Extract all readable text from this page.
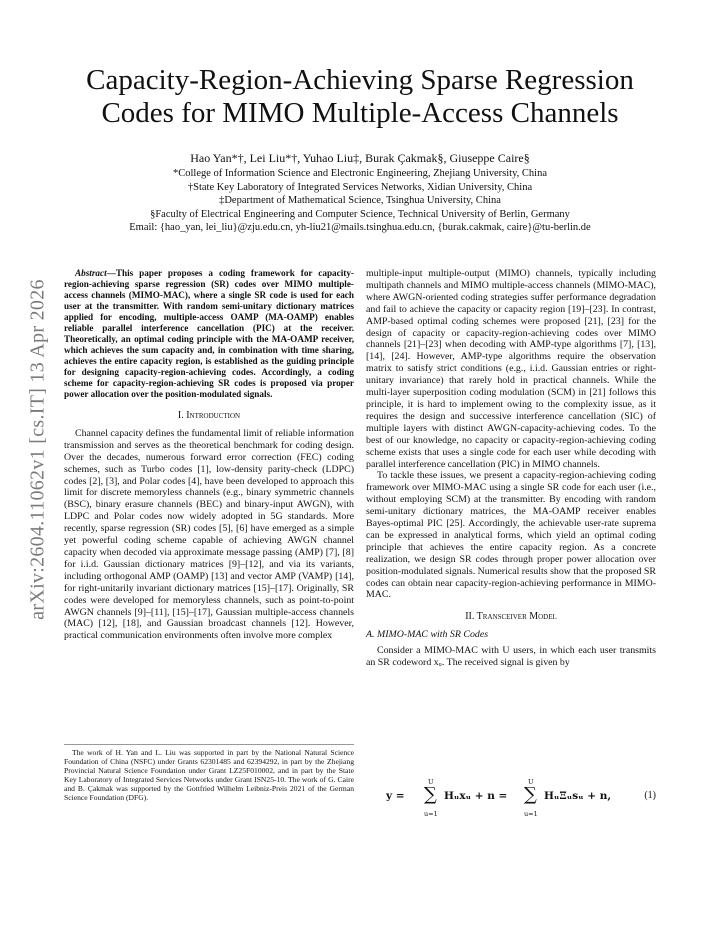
Capacity-Region-Achieving Sparse Regression
Codes for MIMO Multiple-Access Channels
Hao Yan*†, Lei Liu*†, Yuhao Liu‡, Burak Çakmak§, Giuseppe Caire§
*College of Information Science and Electronic Engineering, Zhejiang University, China
†State Key Laboratory of Integrated Services Networks, Xidian University, China
‡Department of Mathematical Science, Tsinghua University, China
§Faculty of Electrical Engineering and Computer Science, Technical University of Berlin, Germany
Email: {hao_yan, lei_liu}@zju.edu.cn, yh-liu21@mails.tsinghua.edu.cn, {burak.cakmak, caire}@tu-berlin.de
arXiv:2604.11062v1 [cs.IT] 13 Apr 2026

Abstract—This paper proposes a coding framework for capacity-region-achieving sparse regression (SR) codes over MIMO multiple-access channels (MIMO-MAC), where a single SR code is used for each user at the transmitter. With random semi-unitary dictionary matrices applied for encoding, multiple-access OAMP (MA-OAMP) enables reliable parallel interference cancellation (PIC) at the receiver. Theoretically, an optimal coding principle with the MA-OAMP receiver, which achieves the sum capacity and, in combination with time sharing, achieves the entire capacity region, is established as the guiding principle for designing capacity-region-achieving codes. Accordingly, a coding scheme for capacity-region-achieving SR codes is proposed via proper power allocation over the position-modulated signals.

I. Introduction

Channel capacity defines the fundamental limit of reliable information transmission and serves as the theoretical benchmark for coding design. Over the decades, numerous forward error correction (FEC) coding schemes, such as Turbo codes [1], low-density parity-check (LDPC) codes [2], [3], and Polar codes [4], have been developed to approach this limit for discrete memoryless channels (e.g., binary symmetric channels (BSC), binary erasure channels (BEC) and binary-input AWGN), with LDPC and Polar codes now widely adopted in 5G standards. More recently, sparse regression (SR) codes [5], [6] have emerged as a simple yet powerful coding scheme capable of achieving AWGN channel capacity when decoded via approximate message passing (AMP) [7], [8] for i.i.d. Gaussian dictionary matrices [9]–[12], and via its variants, including orthogonal AMP (OAMP) [13] and vector AMP (VAMP) [14], for right-unitarily invariant dictionary matrices [15]–[17]. Originally, SR codes were developed for memoryless channels, such as point-to-point AWGN channels [9]–[11], [15]–[17], Gaussian multiple-access channels (MAC) [12], [18], and Gaussian broadcast channels [12]. However, practical communication environments often involve more complex

The work of H. Yan and L. Liu was supported in part by the National Natural Science Foundation of China (NSFC) under Grants 62301485 and 62394292, in part by the Zhejiang Provincial Natural Science Foundation under Grant LZ25F010002, and in part by the State Key Laboratory of Integrated Services Networks under Grant ISN25-10. The work of G. Caire and B. Çakmak was supported by the Gottfried Wilhelm Leibniz-Preis 2021 of the German Science Foundation (DFG).

multiple-input multiple-output (MIMO) channels, typically including multipath channels and MIMO multiple-access channels (MIMO-MAC), where AWGN-oriented coding strategies suffer performance degradation and fail to achieve the capacity or capacity region [19]–[23]. In contrast, AMP-based optimal coding schemes were proposed [21], [23] for the design of capacity or capacity-region-achieving codes over MIMO channels [21]–[23] when decoding with AMP-type algorithms [7], [13], [14], [24]. However, AMP-type algorithms require the observation matrix to satisfy strict conditions (e.g., i.i.d. Gaussian entries or right-unitary invariance) that rarely hold in practical channels. While the multi-layer superposition coding modulation (SCM) in [21] follows this principle, it is hard to implement owing to the complexity issue, as it requires the design and successive interference cancellation (SIC) of multiple layers with distinct AWGN-capacity-achieving codes. To the best of our knowledge, no capacity or capacity-region-achieving coding scheme exists that uses a single code for each user while decoding with parallel interference cancellation (PIC) in MIMO channels.

To tackle these issues, we present a capacity-region-achieving coding framework over MIMO-MAC using a single SR code for each user (i.e., without employing SCM) at the transmitter. By encoding with random semi-unitary dictionary matrices, the MA-OAMP receiver enables Bayes-optimal PIC [25]. Accordingly, the achievable user-rate suprema can be expressed in analytical forms, which yield an optimal coding principle that achieves the entire capacity region. As a concrete realization, we design SR codes through proper power allocation over position-modulated signals. Numerical results show that the proposed SR codes can obtain near capacity-region-achieving performance in MIMO-MAC.

II. Transceiver Model
A. MIMO-MAC with SR Codes

Consider a MIMO-MAC with U users, in which each user transmits an SR codeword xᵤ. The received signal is given by

y = ∑
U
u=1
Hᵤxᵤ + n = ∑
U
u=1
HᵤΞᵤsᵤ + n,	(1)
